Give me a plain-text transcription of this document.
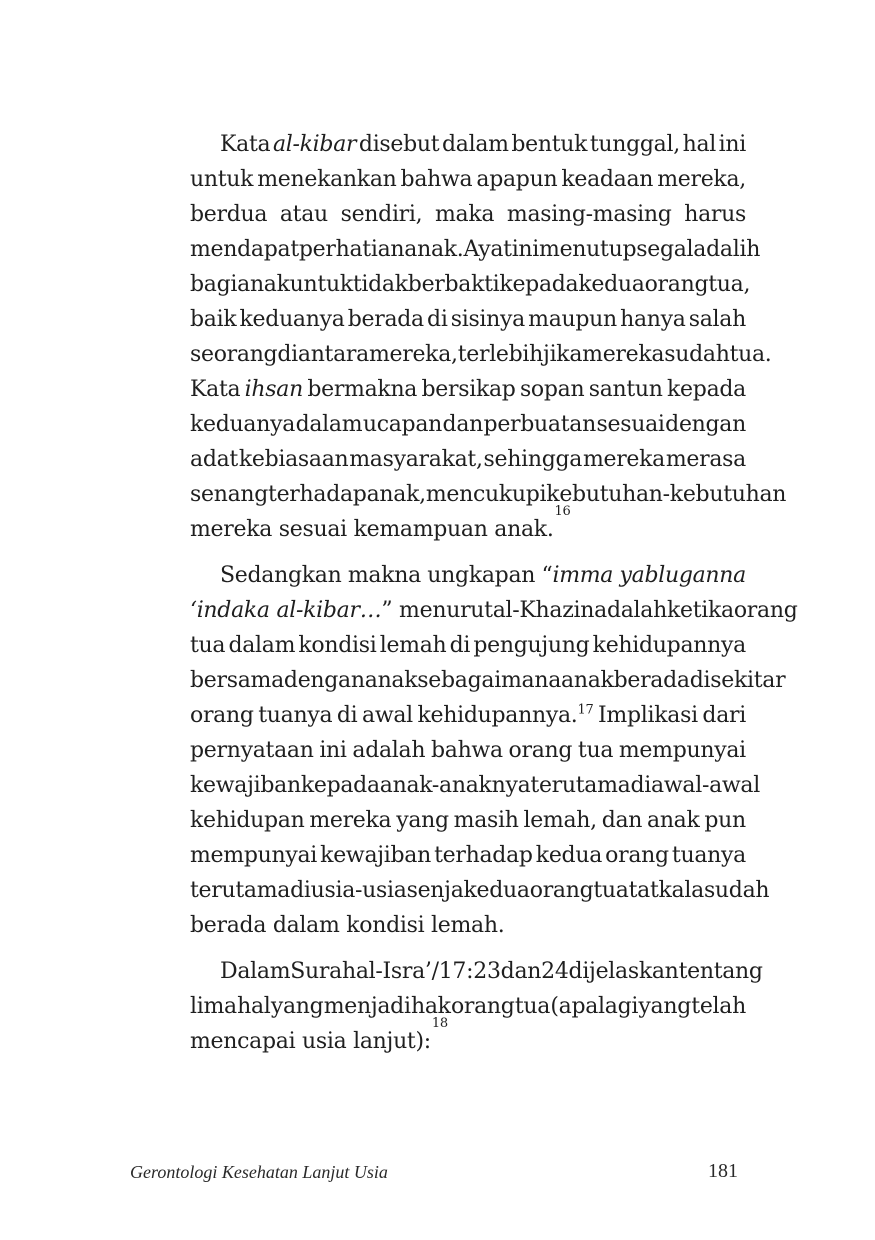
Kata al-kibar disebut dalam bentuk tunggal, hal ini
untuk menekankan bahwa apapun keadaan mereka,
berdua atau sendiri, maka masing-masing harus
mendapat perhatian anak. Ayat ini menutup segala dalih
bagi anak untuk tidak berbakti kepada kedua orang tua,
baik keduanya berada di sisinya maupun hanya salah
seorang di antara mereka, terlebih jika mereka sudah tua.
Kata ihsan bermakna bersikap sopan santun kepada
keduanya dalam ucapan dan perbuatan sesuai dengan
adat kebiasaan masyarakat, sehingga mereka merasa
senang terhadap anak, mencukupi kebutuhan-kebutuhan
mereka sesuai kemampuan anak.
16
Sedangkan makna ungkapan “imma yabluganna
‘indaka al-kibar…” menurut al-Khazin adalah ketika orang
tua dalam kondisi lemah di pengujung kehidupannya
bersama dengan anak sebagaimana anak berada di sekitar
orang tuanya di awal kehidupannya.$^{17}$ Implikasi dari
pernyataan ini adalah bahwa orang tua mempunyai
kewajiban kepada anak-anaknya terutama di awal-awal
kehidupan mereka yang masih lemah, dan anak pun
mempunyai kewajiban terhadap kedua orang tuanya
terutama di usia-usia senja kedua orang tua tatkala sudah
berada dalam kondisi lemah.
Dalam Surah al-Isra’/17: 23 dan 24 dijelaskan tentang
lima hal yang menjadi hak orang tua (apalagi yang telah
mencapai usia lanjut):
18
Gerontologi Kesehatan Lanjut Usia	181
